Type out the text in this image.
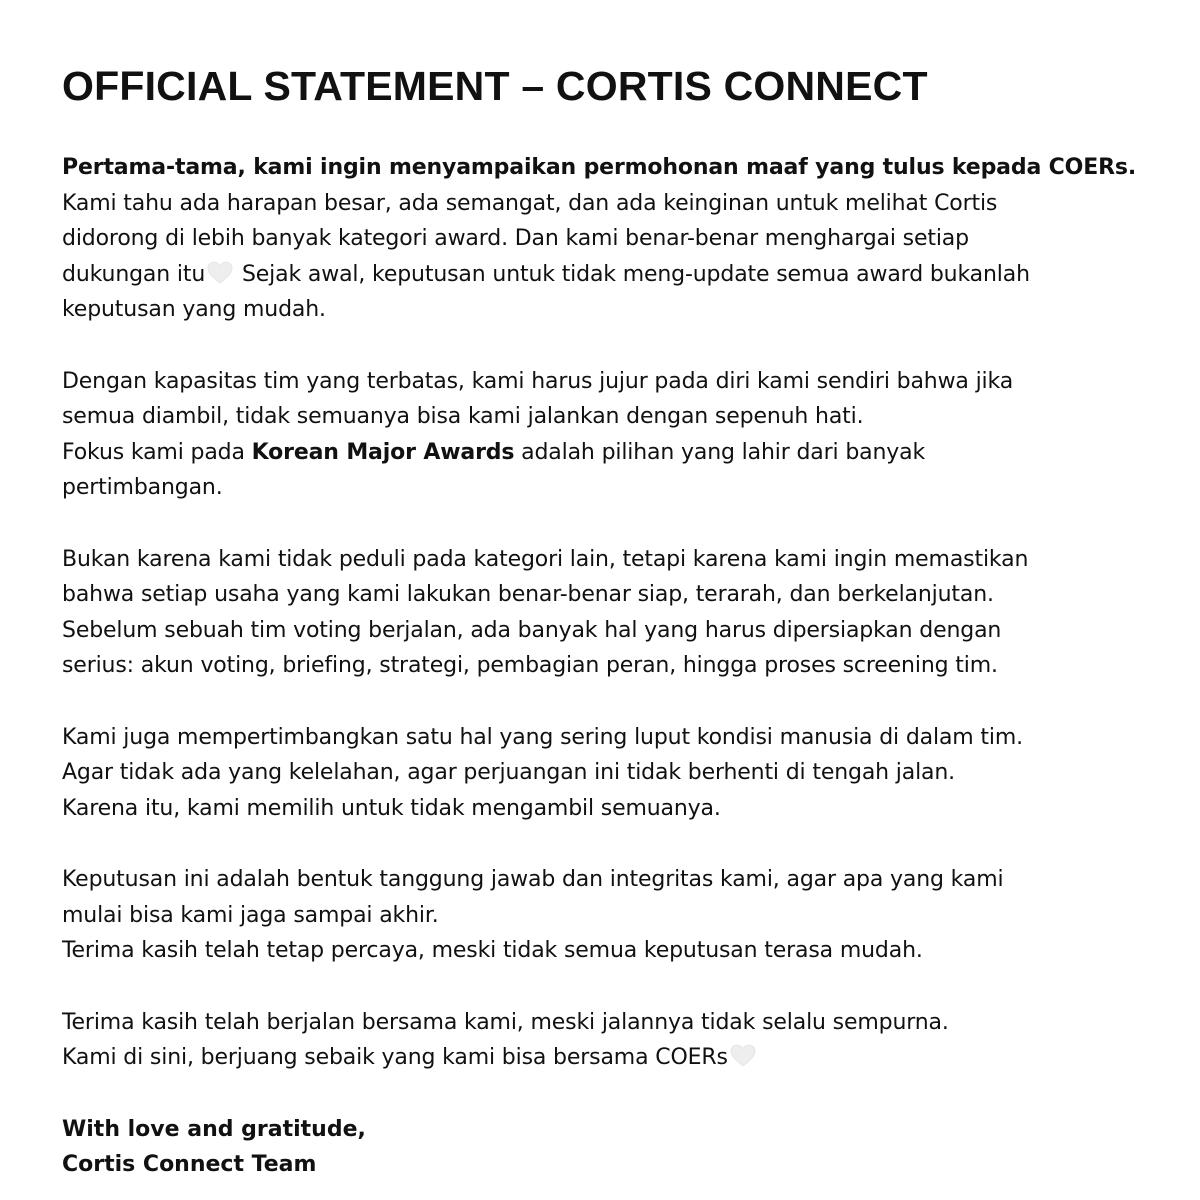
OFFICIAL STATEMENT – CORTIS CONNECT
Pertama-tama, kami ingin menyampaikan permohonan maaf yang tulus kepada COERs.
Kami tahu ada harapan besar, ada semangat, dan ada keinginan untuk melihat Cortis
didorong di lebih banyak kategori award. Dan kami benar-benar menghargai setiap
dukungan itu Sejak awal, keputusan untuk tidak meng-update semua award bukanlah
keputusan yang mudah.
Dengan kapasitas tim yang terbatas, kami harus jujur pada diri kami sendiri bahwa jika
semua diambil, tidak semuanya bisa kami jalankan dengan sepenuh hati.
Fokus kami pada Korean Major Awards adalah pilihan yang lahir dari banyak
pertimbangan.
Bukan karena kami tidak peduli pada kategori lain, tetapi karena kami ingin memastikan
bahwa setiap usaha yang kami lakukan benar-benar siap, terarah, dan berkelanjutan.
Sebelum sebuah tim voting berjalan, ada banyak hal yang harus dipersiapkan dengan
serius: akun voting, briefing, strategi, pembagian peran, hingga proses screening tim.
Kami juga mempertimbangkan satu hal yang sering luput kondisi manusia di dalam tim.
Agar tidak ada yang kelelahan, agar perjuangan ini tidak berhenti di tengah jalan.
Karena itu, kami memilih untuk tidak mengambil semuanya.
Keputusan ini adalah bentuk tanggung jawab dan integritas kami, agar apa yang kami
mulai bisa kami jaga sampai akhir.
Terima kasih telah tetap percaya, meski tidak semua keputusan terasa mudah.
Terima kasih telah berjalan bersama kami, meski jalannya tidak selalu sempurna.
Kami di sini, berjuang sebaik yang kami bisa bersama COERs
With love and gratitude,
Cortis Connect Team
